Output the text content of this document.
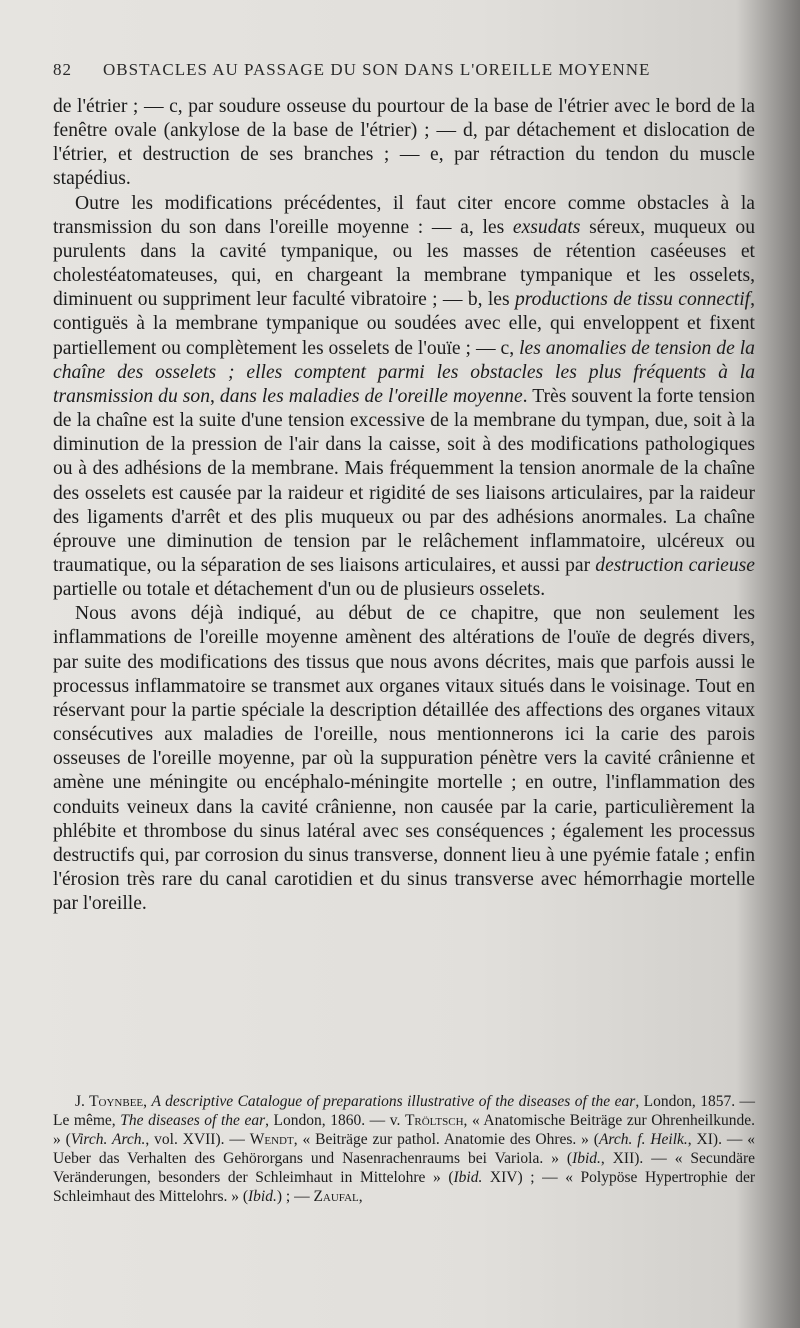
82 OBSTACLES AU PASSAGE DU SON DANS L'OREILLE MOYENNE

de l'étrier ; — c, par soudure osseuse du pourtour de la base de l'étrier avec le bord de la fenêtre ovale (ankylose de la base de l'étrier) ; — d, par détachement et dislocation de l'étrier, et destruction de ses branches ; — e, par rétraction du tendon du muscle stapédius.

Outre les modifications précédentes, il faut citer encore comme obstacles à la transmission du son dans l'oreille moyenne : — a, les exsudats séreux, muqueux ou purulents dans la cavité tympanique, ou les masses de rétention caséeuses et cholestéatomateuses, qui, en chargeant la membrane tympanique et les osselets, diminuent ou suppriment leur faculté vibratoire ; — b, les productions de tissu connectif, contiguës à la membrane tympanique ou soudées avec elle, qui enveloppent et fixent partiellement ou complètement les osselets de l'ouïe ; — c, les anomalies de tension de la chaîne des osselets ; elles comptent parmi les obstacles les plus fréquents à la transmission du son, dans les maladies de l'oreille moyenne. Très souvent la forte tension de la chaîne est la suite d'une tension excessive de la membrane du tympan, due, soit à la diminution de la pression de l'air dans la caisse, soit à des modifications pathologiques ou à des adhésions de la membrane. Mais fréquemment la tension anormale de la chaîne des osselets est causée par la raideur et rigidité de ses liaisons articulaires, par la raideur des ligaments d'arrêt et des plis muqueux ou par des adhésions anormales. La chaîne éprouve une diminution de tension par le relâchement inflammatoire, ulcéreux ou traumatique, ou la séparation de ses liaisons articulaires, et aussi par destruction carieuse partielle ou totale et détachement d'un ou de plusieurs osselets.

Nous avons déjà indiqué, au début de ce chapitre, que non seulement les inflammations de l'oreille moyenne amènent des altérations de l'ouïe de degrés divers, par suite des modifications des tissus que nous avons décrites, mais que parfois aussi le processus inflammatoire se transmet aux organes vitaux situés dans le voisinage. Tout en réservant pour la partie spéciale la description détaillée des affections des organes vitaux consécutives aux maladies de l'oreille, nous mentionnerons ici la carie des parois osseuses de l'oreille moyenne, par où la suppuration pénètre vers la cavité crânienne et amène une méningite ou encéphalo-méningite mortelle ; en outre, l'inflammation des conduits veineux dans la cavité crânienne, non causée par la carie, particulièrement la phlébite et thrombose du sinus latéral avec ses conséquences ; également les processus destructifs qui, par corrosion du sinus transverse, donnent lieu à une pyémie fatale ; enfin l'érosion très rare du canal carotidien et du sinus transverse avec hémorrhagie mortelle par l'oreille.

J. Toynbee, A descriptive Catalogue of preparations illustrative of the diseases of the ear, London, 1857. — Le même, The diseases of the ear, London, 1860. — v. Tröltsch, « Anatomische Beiträge zur Ohrenheilkunde. » (Virch. Arch., vol. XVII). — Wendt, « Beiträge zur pathol. Anatomie des Ohres. » (Arch. f. Heilk., XI). — « Ueber das Verhalten des Gehörorgans und Nasenrachenraums bei Variola. » (Ibid., XII). — « Secundäre Veränderungen, besonders der Schleimhaut in Mittelohre » (Ibid. XIV) ; — « Polypöse Hypertrophie der Schleimhaut des Mittelohrs. » (Ibid.) ; — Zaufal,
